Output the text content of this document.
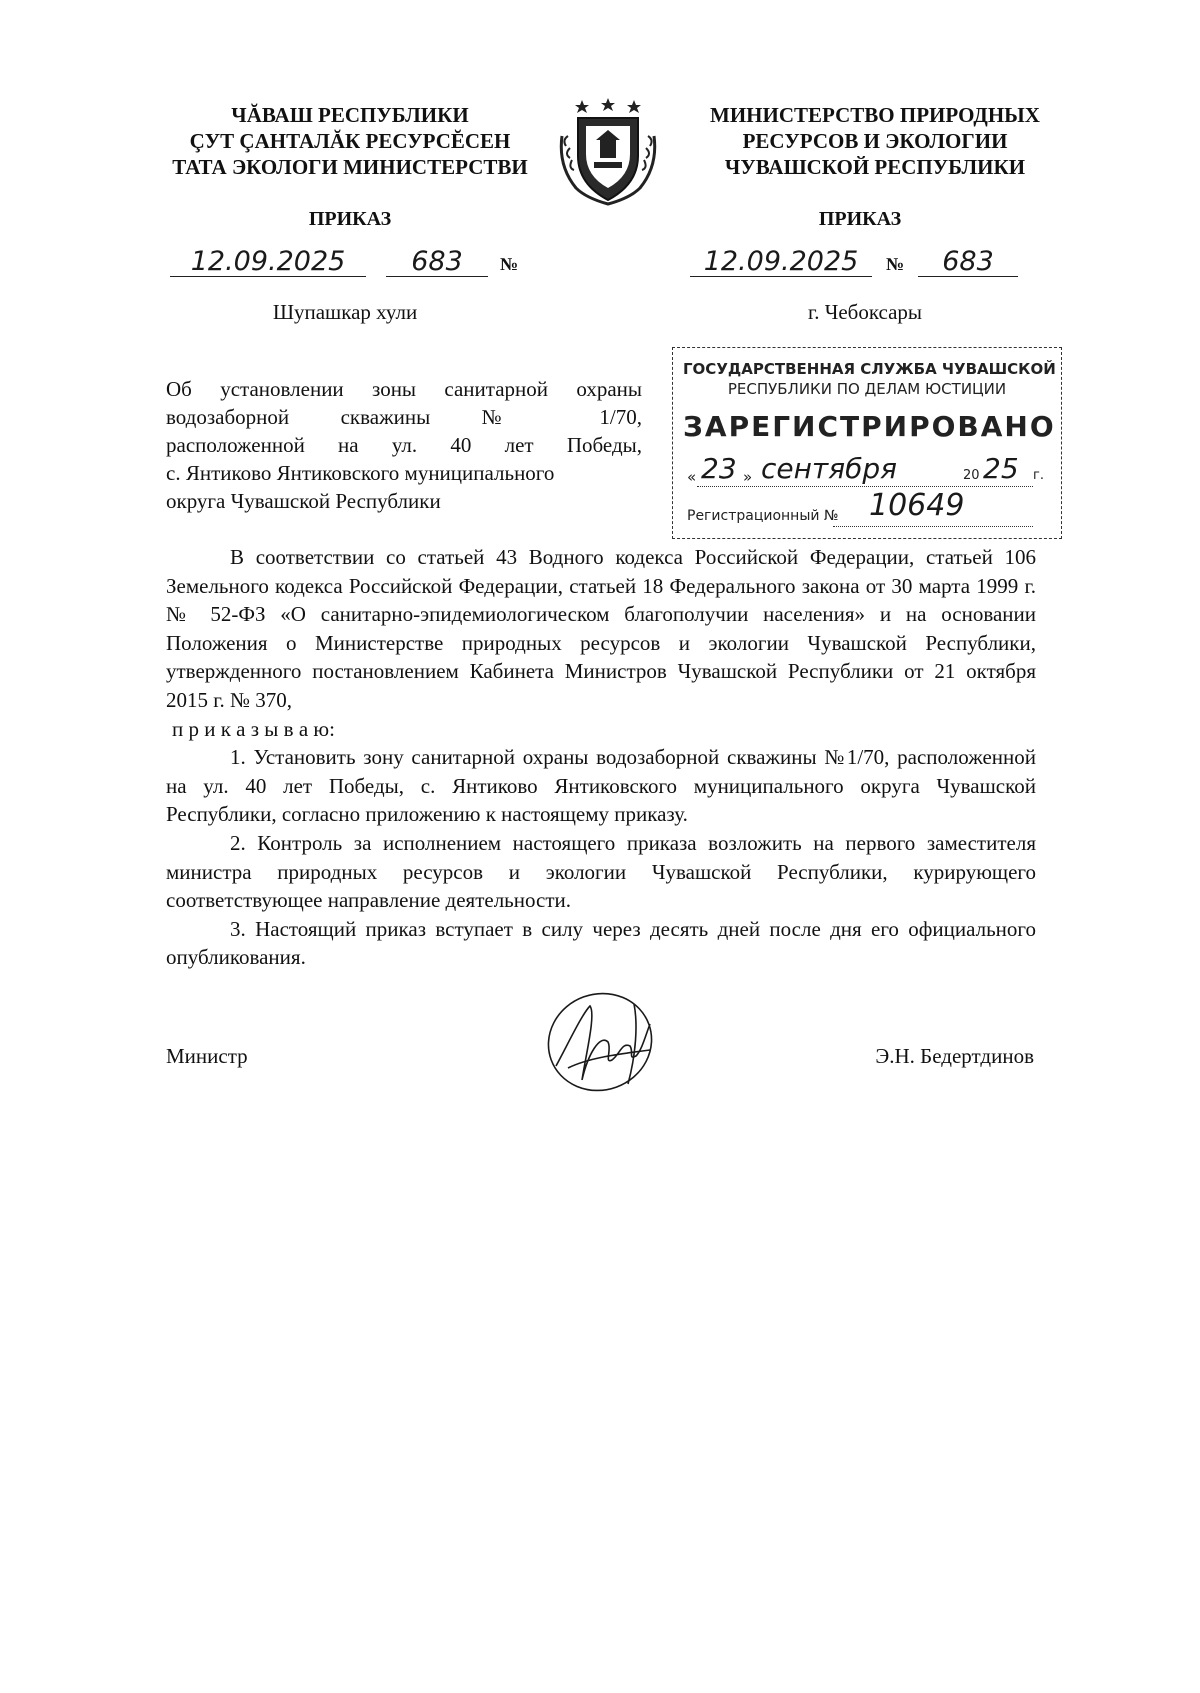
ЧĂВАШ РЕСПУБЛИКИ
ÇУТ ÇАНТАЛĂК РЕСУРСĔСЕН
ТАТА ЭКОЛОГИ МИНИСТЕРСТВИ
МИНИСТЕРСТВО ПРИРОДНЫХ
РЕСУРСОВ И ЭКОЛОГИИ
ЧУВАШСКОЙ РЕСПУБЛИКИ
ПРИКАЗ	ПРИКАЗ
12.09.2025	683	№	12.09.2025	№	683
Шупашкар хули	г. Чебоксары
Об установлении зоны санитарной охраны
водозаборной скважины № 1/70,
расположенной на ул. 40 лет Победы,
с. Янтиково Янтиковского муниципального
округа Чувашской Республики
ГОСУДАРСТВЕННАЯ СЛУЖБА ЧУВАШСКОЙ
РЕСПУБЛИКИ ПО ДЕЛАМ ЮСТИЦИИ
ЗАРЕГИСТРИРОВАНО
« 23 » сентября	20 25 г.
Регистрационный № 10649

В соответствии со статьей 43 Водного кодекса Российской Федерации, статьей 106 Земельного кодекса Российской Федерации, статьей 18 Федерального закона от 30 марта 1999 г. № 52-ФЗ «О санитарно-эпидемиологическом благополучии населения» и на основании Положения о Министерстве природных ресурсов и экологии Чувашской Республики, утвержденного постановлением Кабинета Министров Чувашской Республики от 21 октября 2015 г. № 370,

п р и к а з ы в а ю:

1. Установить зону санитарной охраны водозаборной скважины №1/70, расположенной на ул. 40 лет Победы, с. Янтиково Янтиковского муниципального округа Чувашской Республики, согласно приложению к настоящему приказу.

2. Контроль за исполнением настоящего приказа возложить на первого заместителя министра природных ресурсов и экологии Чувашской Республики, курирующего соответствующее направление деятельности.

3. Настоящий приказ вступает в силу через десять дней после дня его официального опубликования.

Министр	Э.Н. Бедертдинов
